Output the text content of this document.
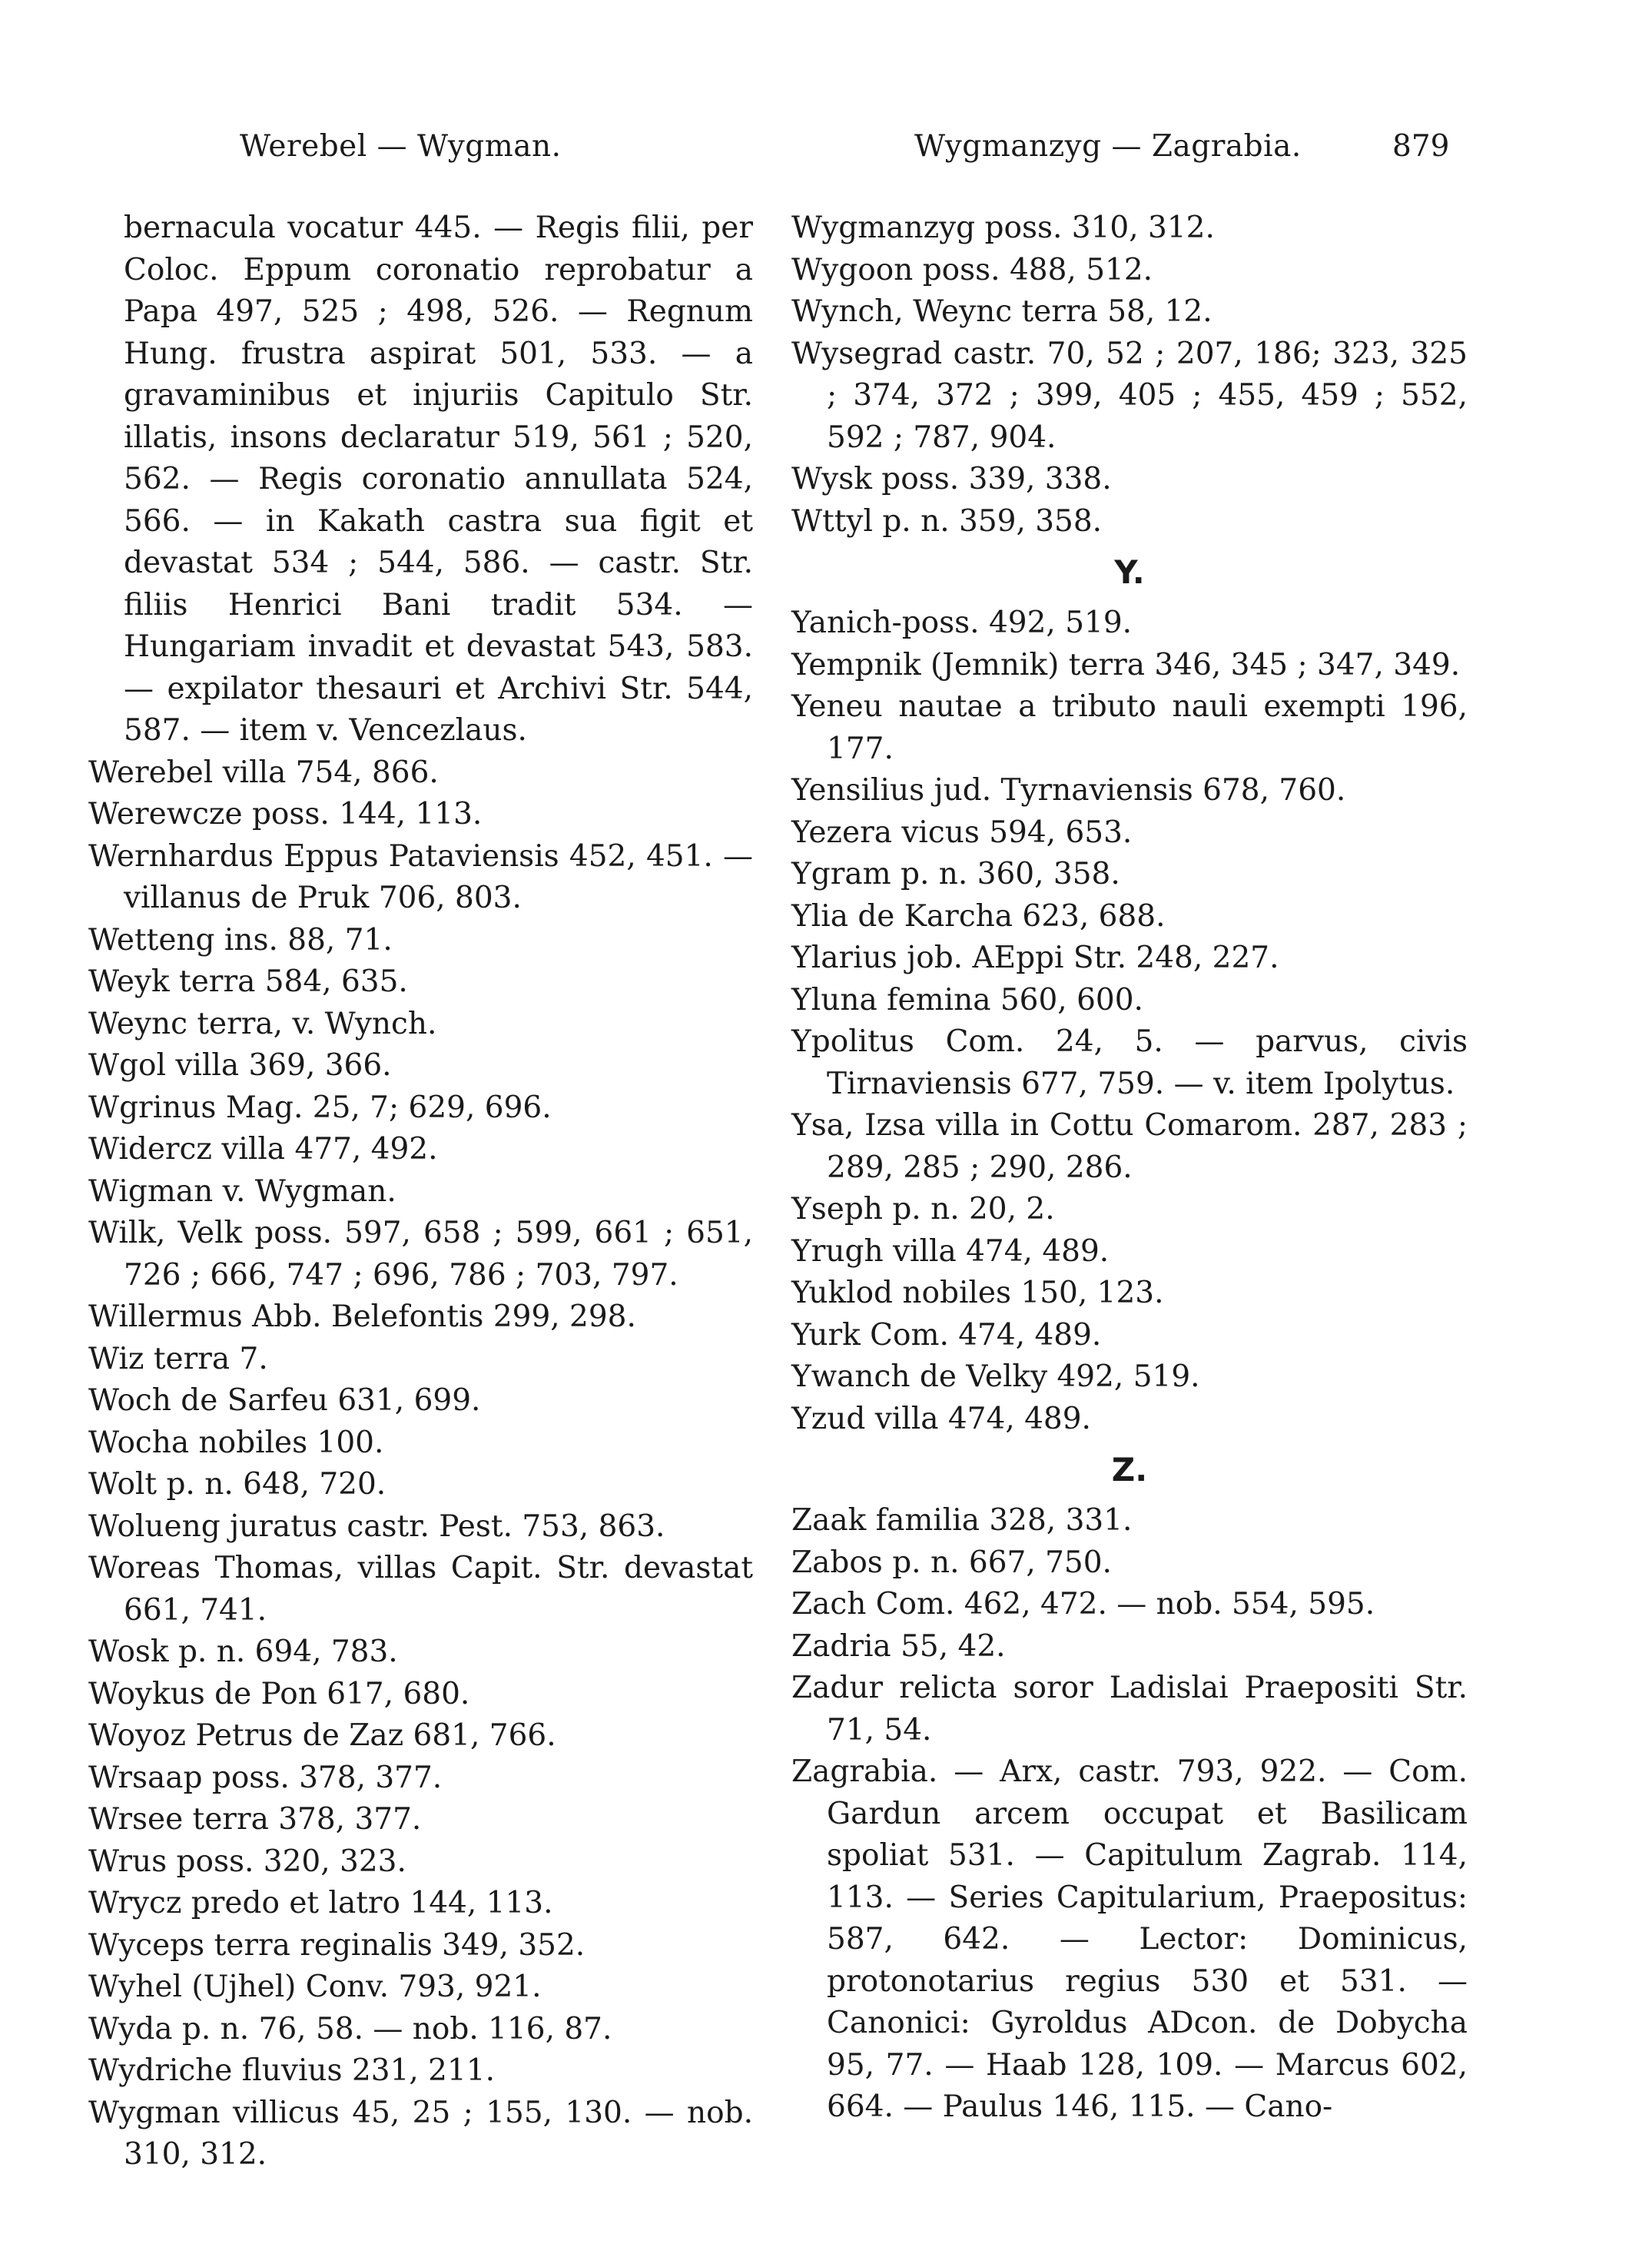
Werebel — Wygman.	Wygmanzyg — Zagrabia.	879

bernacula vocatur 445. — Regis filii, per Coloc. Eppum coronatio reprobatur a Papa 497, 525 ; 498, 526. — Regnum Hung. frustra aspirat 501, 533. — a gravaminibus et injuriis Capitulo Str. illatis, insons declaratur 519, 561 ; 520, 562. — Regis coronatio annullata 524, 566. — in Kakath castra sua figit et devastat 534 ; 544, 586. — castr. Str. filiis Henrici Bani tradit 534. — Hungariam invadit et devastat 543, 583. — expilator thesauri et Archivi Str. 544, 587. — item v. Vencezlaus.

Werebel villa 754, 866.

Werewcze poss. 144, 113.

Wernhardus Eppus Pataviensis 452, 451. — villanus de Pruk 706, 803.

Wetteng ins. 88, 71.

Weyk terra 584, 635.

Weync terra, v. Wynch.

Wgol villa 369, 366.

Wgrinus Mag. 25, 7; 629, 696.

Widercz villa 477, 492.

Wigman v. Wygman.

Wilk, Velk poss. 597, 658 ; 599, 661 ; 651, 726 ; 666, 747 ; 696, 786 ; 703, 797.

Willermus Abb. Belefontis 299, 298.

Wiz terra 7.

Woch de Sarfeu 631, 699.

Wocha nobiles 100.

Wolt p. n. 648, 720.

Wolueng juratus castr. Pest. 753, 863.

Woreas Thomas, villas Capit. Str. devastat 661, 741.

Wosk p. n. 694, 783.

Woykus de Pon 617, 680.

Woyoz Petrus de Zaz 681, 766.

Wrsaap poss. 378, 377.

Wrsee terra 378, 377.

Wrus poss. 320, 323.

Wrycz predo et latro 144, 113.

Wyceps terra reginalis 349, 352.

Wyhel (Ujhel) Conv. 793, 921.

Wyda p. n. 76, 58. — nob. 116, 87.

Wydriche fluvius 231, 211.

Wygman villicus 45, 25 ; 155, 130. — nob. 310, 312.

Wygmanzyg poss. 310, 312.

Wygoon poss. 488, 512.

Wynch, Weync terra 58, 12.

Wysegrad castr. 70, 52 ; 207, 186; 323, 325 ; 374, 372 ; 399, 405 ; 455, 459 ; 552, 592 ; 787, 904.

Wysk poss. 339, 338.

Wttyl p. n. 359, 358.

Y.

Yanich-poss. 492, 519.

Yempnik (Jemnik) terra 346, 345 ; 347, 349.

Yeneu nautae a tributo nauli exempti 196, 177.

Yensilius jud. Tyrnaviensis 678, 760.

Yezera vicus 594, 653.

Ygram p. n. 360, 358.

Ylia de Karcha 623, 688.

Ylarius job. AEppi Str. 248, 227.

Yluna femina 560, 600.

Ypolitus Com. 24, 5. — parvus, civis Tirnaviensis 677, 759. — v. item Ipolytus.

Ysa, Izsa villa in Cottu Comarom. 287, 283 ; 289, 285 ; 290, 286.

Yseph p. n. 20, 2.

Yrugh villa 474, 489.

Yuklod nobiles 150, 123.

Yurk Com. 474, 489.

Ywanch de Velky 492, 519.

Yzud villa 474, 489.

Z.

Zaak familia 328, 331.

Zabos p. n. 667, 750.

Zach Com. 462, 472. — nob. 554, 595.

Zadria 55, 42.

Zadur relicta soror Ladislai Praepositi Str. 71, 54.

Zagrabia. — Arx, castr. 793, 922. — Com. Gardun arcem occupat et Basilicam spoliat 531. — Capitulum Zagrab. 114, 113. — Series Capitularium, Praepositus: 587, 642. — Lector: Dominicus, protonotarius regius 530 et 531. — Canonici: Gyroldus ADcon. de Dobycha 95, 77. — Haab 128, 109. — Marcus 602, 664. — Paulus 146, 115. — Cano-
